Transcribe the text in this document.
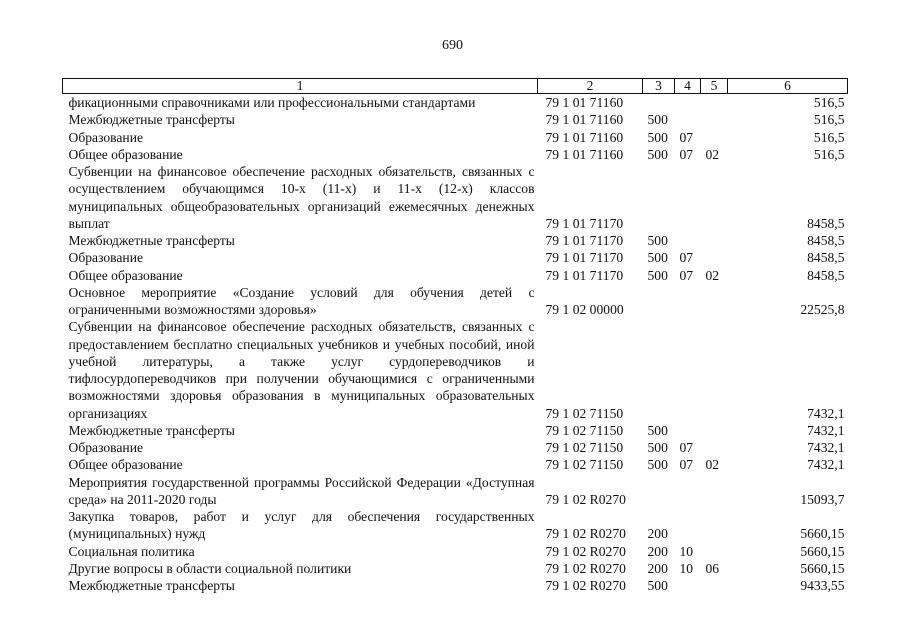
690
1	2	3	4	5	6
фикационными справочниками или профессиональными стандартами	79 1 01 71160				516,5
Межбюджетные трансферты	79 1 01 71160	500			516,5
Образование	79 1 01 71160	500	07		516,5
Общее образование	79 1 01 71160	500	07	02	516,5
Субвенции на финансовое обеспечение расходных обязательств, связанных с осуществлением обучающимся 10-х (11-х) и 11-х (12-х) классов муниципальных общеобразовательных организаций ежемесячных денежных выплат	79 1 01 71170				8458,5
Межбюджетные трансферты	79 1 01 71170	500			8458,5
Образование	79 1 01 71170	500	07		8458,5
Общее образование	79 1 01 71170	500	07	02	8458,5
Основное мероприятие «Создание условий для обучения детей с ограниченными возможностями здоровья»	79 1 02 00000				22525,8
Субвенции на финансовое обеспечение расходных обязательств, связанных с предоставлением бесплатно специальных учебников и учебных пособий, иной учебной литературы, а также услуг сурдопереводчиков и тифлосурдопереводчиков при получении обучающимися с ограниченными возможностями здоровья образования в муниципальных образовательных организациях	79 1 02 71150				7432,1
Межбюджетные трансферты	79 1 02 71150	500			7432,1
Образование	79 1 02 71150	500	07		7432,1
Общее образование	79 1 02 71150	500	07	02	7432,1
Мероприятия государственной программы Российской Федерации «Доступная среда» на 2011-2020 годы	79 1 02 R0270				15093,7
Закупка товаров, работ и услуг для обеспечения государственных (муниципальных) нужд	79 1 02 R0270	200			5660,15
Социальная политика	79 1 02 R0270	200	10		5660,15
Другие вопросы в области социальной политики	79 1 02 R0270	200	10	06	5660,15
Межбюджетные трансферты	79 1 02 R0270	500			9433,55
